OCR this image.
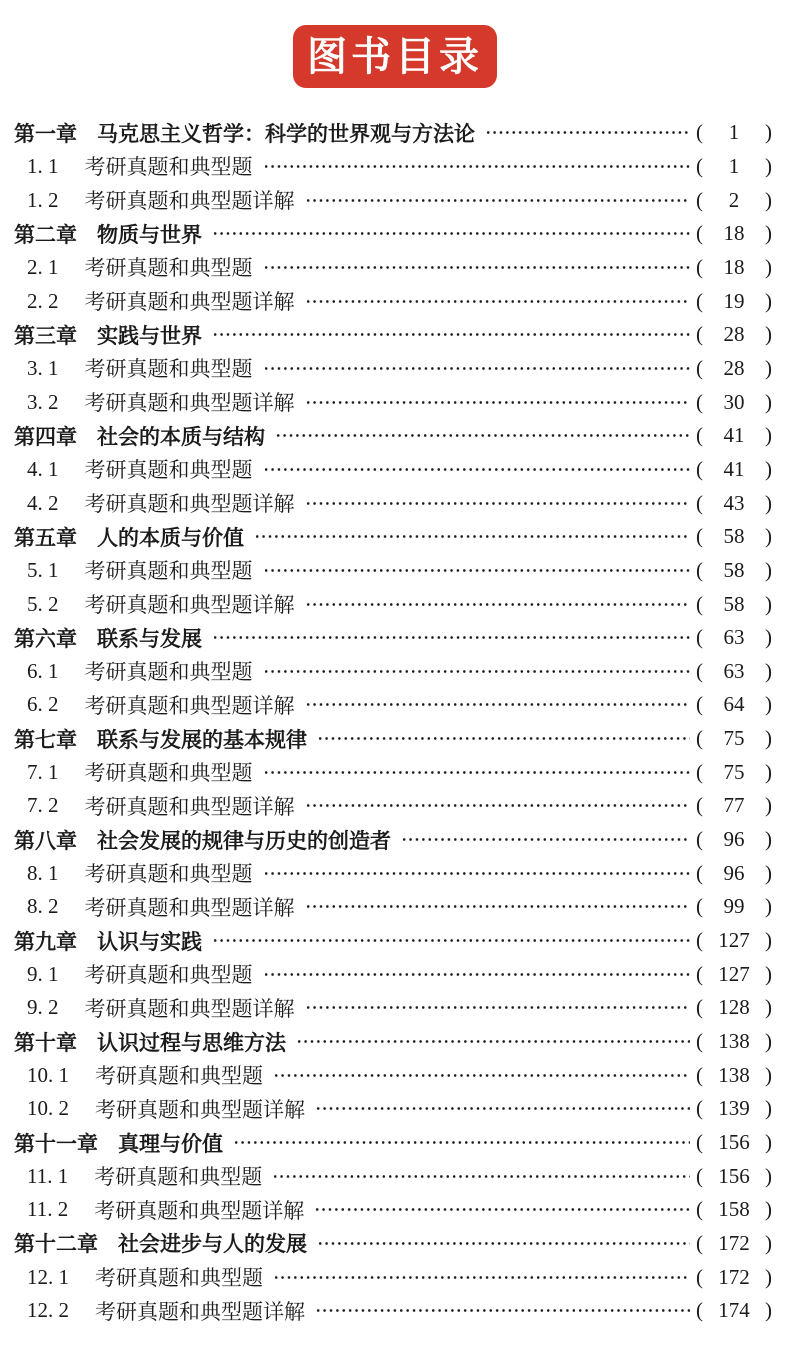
图书目录
第一章 马克思主义哲学：科学的世界观与方法论	(	1	)
1. 1 考研真题和典型题	(	1	)
1. 2 考研真题和典型题详解	(	2	)
第二章 物质与世界	( 18 )
2. 1 考研真题和典型题	( 18 )
2. 2 考研真题和典型题详解	( 19 )
第三章 实践与世界	( 28 )
3. 1 考研真题和典型题	( 28 )
3. 2 考研真题和典型题详解	( 30 )
第四章 社会的本质与结构	( 41 )
4. 1 考研真题和典型题	( 41 )
4. 2 考研真题和典型题详解	( 43 )
第五章 人的本质与价值	( 58 )
5. 1 考研真题和典型题	( 58 )
5. 2 考研真题和典型题详解	( 58 )
第六章 联系与发展	( 63 )
6. 1 考研真题和典型题	( 63 )
6. 2 考研真题和典型题详解	( 64 )
第七章 联系与发展的基本规律	( 75 )
7. 1 考研真题和典型题	( 75 )
7. 2 考研真题和典型题详解	( 77 )
第八章 社会发展的规律与历史的创造者	( 96 )
8. 1 考研真题和典型题	( 96 )
8. 2 考研真题和典型题详解	( 99 )
第九章 认识与实践	( 127 )
9. 1 考研真题和典型题	( 127 )
9. 2 考研真题和典型题详解	( 128 )
第十章 认识过程与思维方法	( 138 )
10. 1 考研真题和典型题	( 138 )
10. 2 考研真题和典型题详解	( 139 )
第十一章 真理与价值	( 156 )
11. 1 考研真题和典型题	( 156 )
11. 2 考研真题和典型题详解	( 158 )
第十二章 社会进步与人的发展	( 172 )
12. 1 考研真题和典型题	( 172 )
12. 2 考研真题和典型题详解	( 174 )
